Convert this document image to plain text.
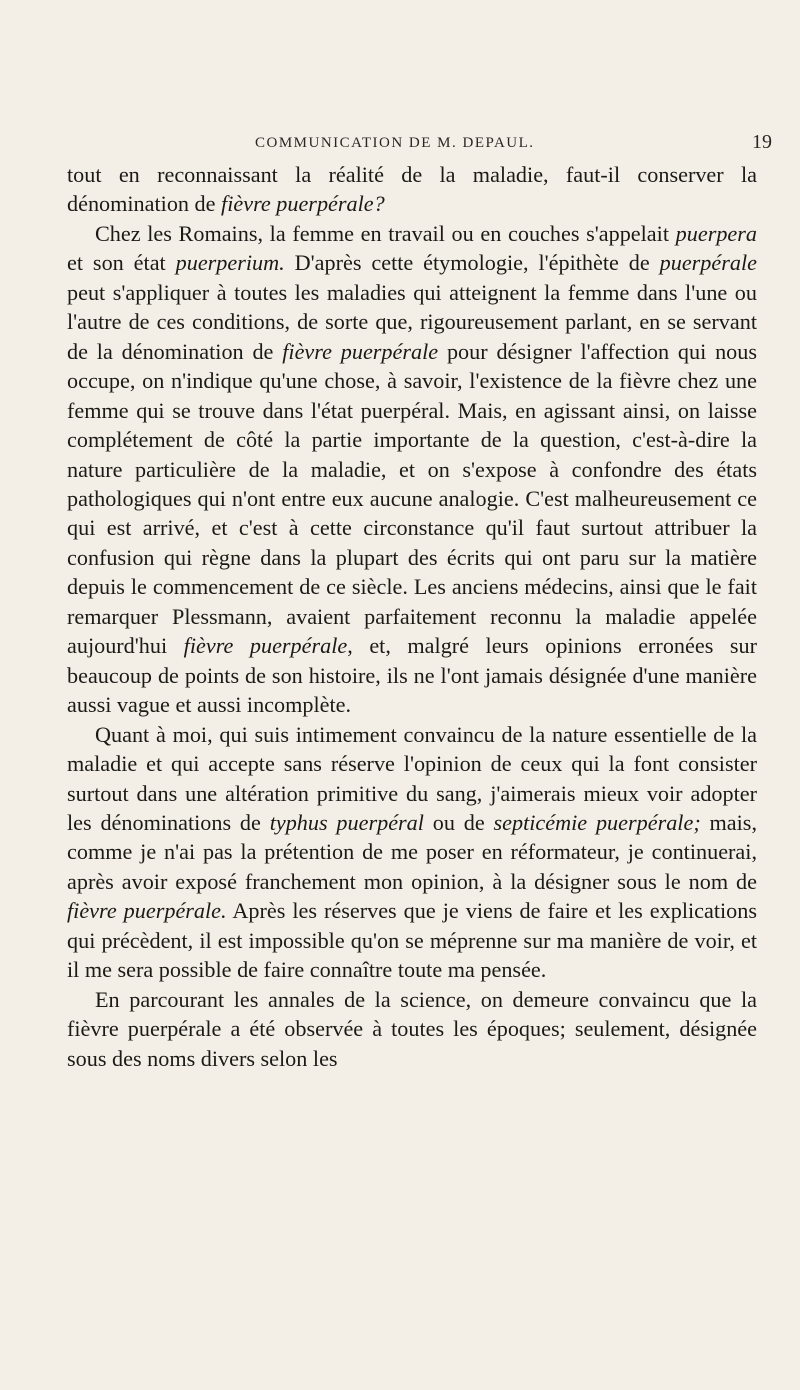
COMMUNICATION DE M. DEPAUL.	19

tout en reconnaissant la réalité de la maladie, faut-il conserver la dénomination de fièvre puerpérale?

Chez les Romains, la femme en travail ou en couches s'appelait puerpera et son état puerperium. D'après cette étymologie, l'épithète de puerpérale peut s'appliquer à toutes les maladies qui atteignent la femme dans l'une ou l'autre de ces conditions, de sorte que, rigoureusement parlant, en se servant de la dénomination de fièvre puerpérale pour désigner l'affection qui nous occupe, on n'indique qu'une chose, à savoir, l'existence de la fièvre chez une femme qui se trouve dans l'état puerpéral. Mais, en agissant ainsi, on laisse complétement de côté la partie importante de la question, c'est-à-dire la nature particulière de la maladie, et on s'expose à confondre des états pathologiques qui n'ont entre eux aucune analogie. C'est malheureusement ce qui est arrivé, et c'est à cette circonstance qu'il faut surtout attribuer la confusion qui règne dans la plupart des écrits qui ont paru sur la matière depuis le commencement de ce siècle. Les anciens médecins, ainsi que le fait remarquer Plessmann, avaient parfaitement reconnu la maladie appelée aujourd'hui fièvre puerpérale, et, malgré leurs opinions erronées sur beaucoup de points de son histoire, ils ne l'ont jamais désignée d'une manière aussi vague et aussi incomplète.

Quant à moi, qui suis intimement convaincu de la nature essentielle de la maladie et qui accepte sans réserve l'opinion de ceux qui la font consister surtout dans une altération primitive du sang, j'aimerais mieux voir adopter les dénominations de typhus puerpéral ou de septicémie puerpérale; mais, comme je n'ai pas la prétention de me poser en réformateur, je continuerai, après avoir exposé franchement mon opinion, à la désigner sous le nom de fièvre puerpérale. Après les réserves que je viens de faire et les explications qui précèdent, il est impossible qu'on se méprenne sur ma manière de voir, et il me sera possible de faire connaître toute ma pensée.

En parcourant les annales de la science, on demeure convaincu que la fièvre puerpérale a été observée à toutes les époques; seulement, désignée sous des noms divers selon les
